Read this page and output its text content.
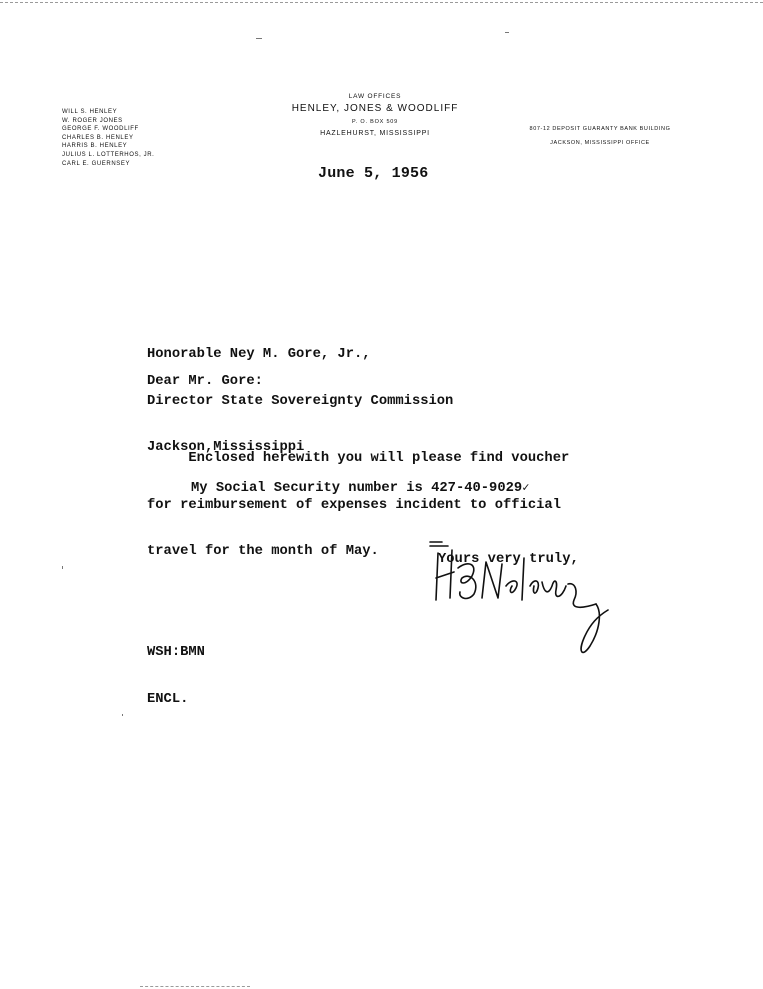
WILL S. HENLEY
W. ROGER JONES
GEORGE F. WOODLIFF
CHARLES B. HENLEY
HARRIS B. HENLEY
JULIUS L. LOTTERHOS, JR.
CARL E. GUERNSEY
LAW OFFICES
HENLEY, JONES & WOODLIFF
P. O. BOX 509
HAZLEHURST, MISSISSIPPI
807-12 DEPOSIT GUARANTY BANK BUILDING
JACKSON, MISSISSIPPI OFFICE
June 5, 1956

Honorable Ney M. Gore, Jr.,

Director State Sovereignty Commission

Jackson,Mississippi

Dear Mr. Gore:

Enclosed herewith you will please find voucher

for reimbursement of expenses incident to official

travel for the month of May.

My Social Security number is 427-40-9029✓
Yours very truly,

WSH:BMN

ENCL.
